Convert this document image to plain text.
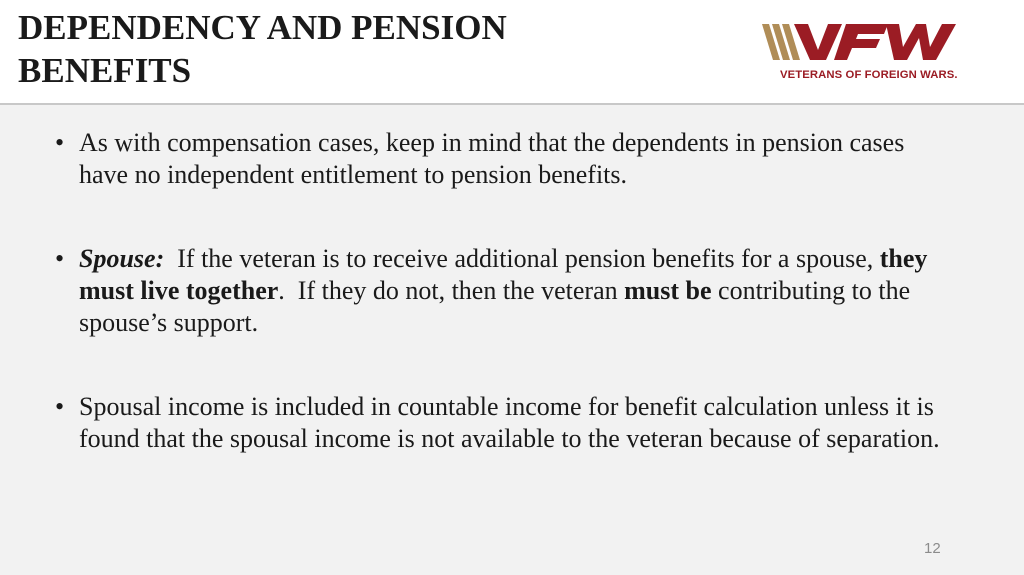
DEPENDENCY AND PENSION
BENEFITS	VETERANS OF FOREIGN WARS.
• As with compensation cases, keep in mind that the dependents in pension cases have no independent entitlement to pension benefits.
• Spouse:  If the veteran is to receive additional pension benefits for a spouse, they must live together.  If they do not, then the veteran must be contributing to the spouse’s support.
• Spousal income is included in countable income for benefit calculation unless it is found that the spousal income is not available to the veteran because of separation.
12
